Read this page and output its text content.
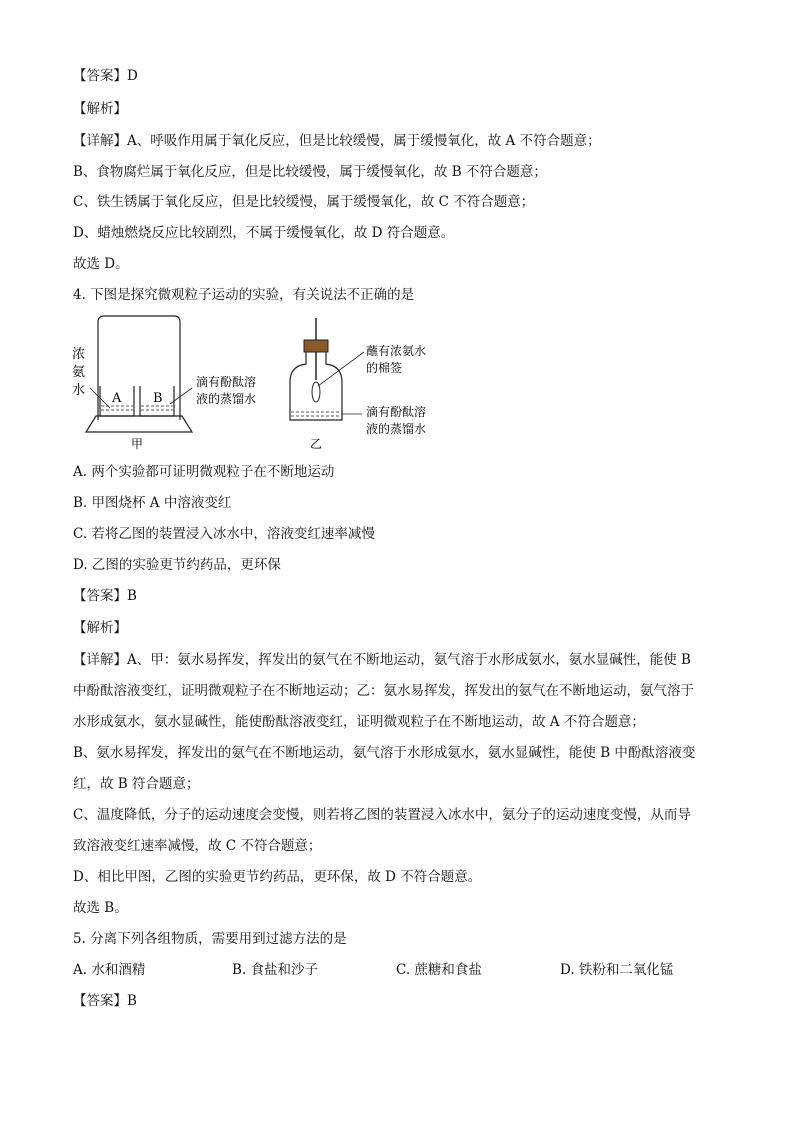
【答案】D
【解析】
【详解】A、呼吸作用属于氧化反应，但是比较缓慢，属于缓慢氧化，故 A 不符合题意；
B、食物腐烂属于氧化反应，但是比较缓慢，属于缓慢氧化，故 B 不符合题意；
C、铁生锈属于氧化反应，但是比较缓慢，属于缓慢氧化，故 C 不符合题意；
D、蜡烛燃烧反应比较剧烈，不属于缓慢氧化，故 D 符合题意。
故选 D。
4. 下图是探究微观粒子运动的实验，有关说法不正确的是
浓
氨
水
A B
滴有酚酞溶
液的蒸馏水
甲
蘸有浓氨水
的棉签
滴有酚酞溶
液的蒸馏水
乙
A. 两个实验都可证明微观粒子在不断地运动
B. 甲图烧杯 A 中溶液变红
C. 若将乙图的装置浸入冰水中，溶液变红速率减慢
D. 乙图的实验更节约药品，更环保
【答案】B
【解析】
【详解】A、甲：氨水易挥发，挥发出的氨气在不断地运动，氨气溶于水形成氨水，氨水显碱性，能使 B
中酚酞溶液变红，证明微观粒子在不断地运动；乙：氨水易挥发，挥发出的氨气在不断地运动，氨气溶于
水形成氨水，氨水显碱性，能使酚酞溶液变红，证明微观粒子在不断地运动，故 A 不符合题意；
B、氨水易挥发，挥发出的氨气在不断地运动，氨气溶于水形成氨水，氨水显碱性，能使 B 中酚酞溶液变
红，故 B 符合题意；
C、温度降低，分子的运动速度会变慢，则若将乙图的装置浸入冰水中，氨分子的运动速度变慢，从而导
致溶液变红速率减慢，故 C 不符合题意；
D、相比甲图，乙图的实验更节约药品，更环保，故 D 不符合题意。
故选 B。
5. 分离下列各组物质，需要用到过滤方法的是
A. 水和酒精	B. 食盐和沙子	C. 蔗糖和食盐	D. 铁粉和二氧化锰
【答案】B
